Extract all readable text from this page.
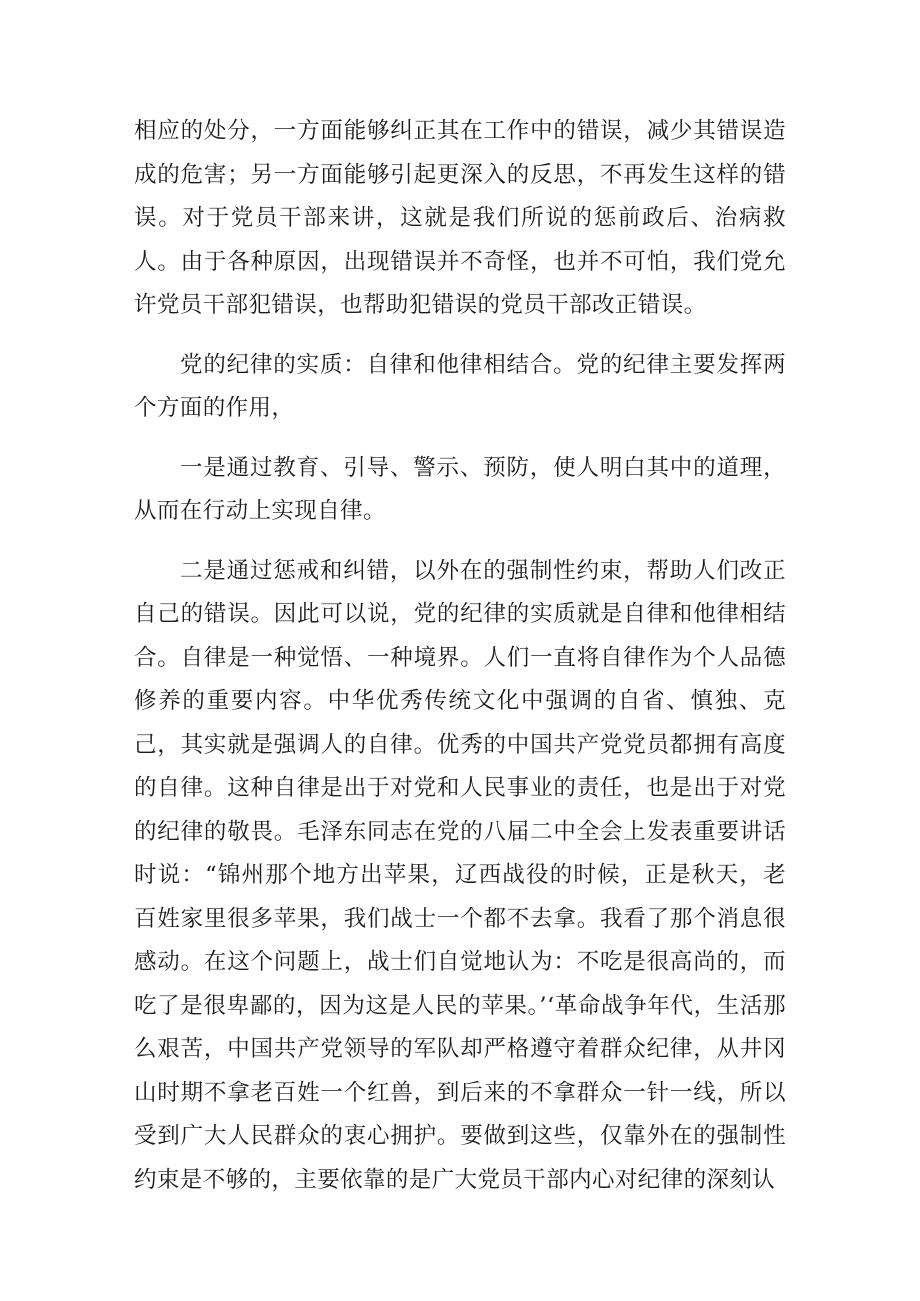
相应的处分，一方面能够纠正其在工作中的错误，减少其错误造成的危害；另一方面能够引起更深入的反思，不再发生这样的错误。对于党员干部来讲，这就是我们所说的惩前政后、治病救人。由于各种原因，出现错误并不奇怪，也并不可怕，我们党允许党员干部犯错误，也帮助犯错误的党员干部改正错误。

党的纪律的实质：自律和他律相结合。党的纪律主要发挥两个方面的作用，

一是通过教育、引导、警示、预防，使人明白其中的道理，从而在行动上实现自律。

二是通过惩戒和纠错，以外在的强制性约束，帮助人们改正自己的错误。因此可以说，党的纪律的实质就是自律和他律相结合。自律是一种觉悟、一种境界。人们一直将自律作为个人品德修养的重要内容。中华优秀传统文化中强调的自省、慎独、克己，其实就是强调人的自律。优秀的中国共产党党员都拥有高度的自律。这种自律是出于对党和人民事业的责任，也是出于对党的纪律的敬畏。毛泽东同志在党的八届二中全会上发表重要讲话时说：“锦州那个地方出苹果，辽西战役的时候，正是秋天，老百姓家里很多苹果，我们战士一个都不去拿。我看了那个消息很感动。在这个问题上，战士们自觉地认为：不吃是很高尚的，而吃了是很卑鄙的，因为这是人民的苹果。’‘革命战争年代，生活那么艰苦，中国共产党领导的军队却严格遵守着群众纪律，从井冈山时期不拿老百姓一个红兽，到后来的不拿群众一针一线，所以受到广大人民群众的衷心拥护。要做到这些，仅靠外在的强制性约束是不够的，主要依靠的是广大党员干部内心对纪律的深刻认
